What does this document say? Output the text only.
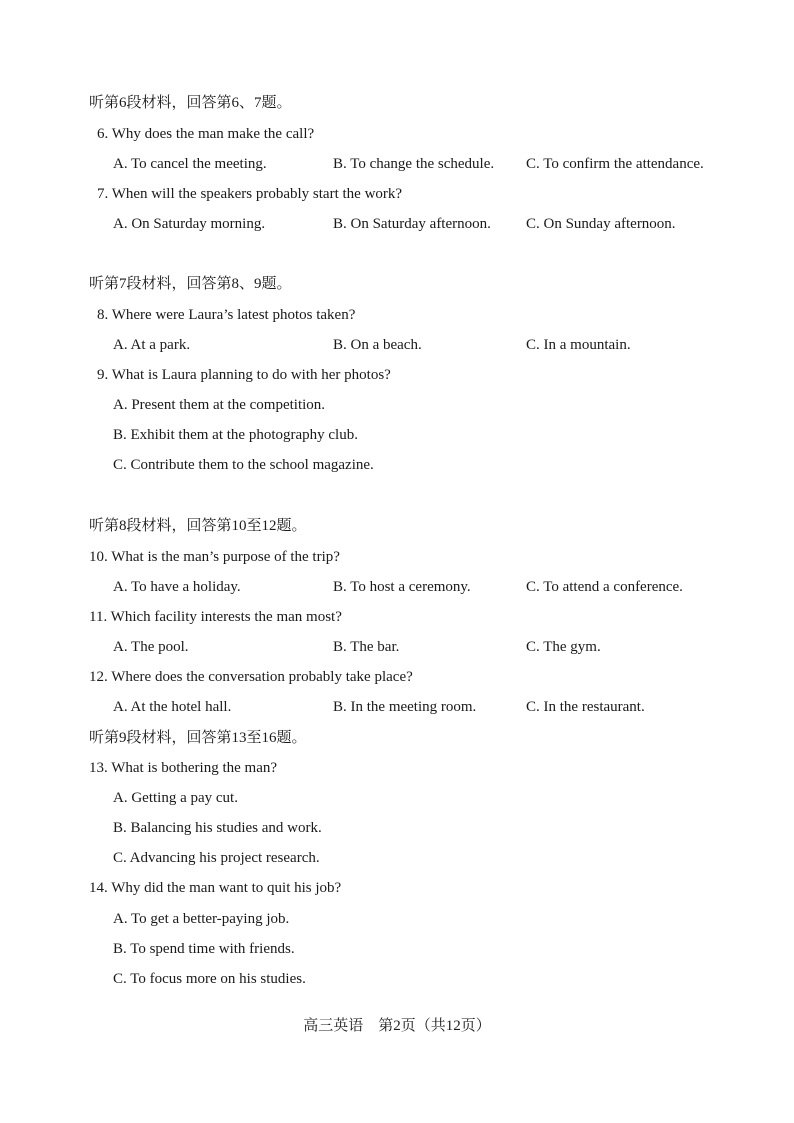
听第6段材料，回答第6、7题。
6. Why does the man make the call?
A. To cancel the meeting.	B. To change the schedule. C. To confirm the attendance.
7. When will the speakers probably start the work?
A. On Saturday morning.	B. On Saturday afternoon. C. On Sunday afternoon.
听第7段材料，回答第8、9题。
8. Where were Laura’s latest photos taken?
A. At a park.	B. On a beach.	C. In a mountain.
9. What is Laura planning to do with her photos?
A. Present them at the competition.
B. Exhibit them at the photography club.
C. Contribute them to the school magazine.
听第8段材料，回答第10至12题。
10. What is the man’s purpose of the trip?
A. To have a holiday.	B. To host a ceremony.	C. To attend a conference.
11. Which facility interests the man most?
A. The pool.	B. The bar.	C. The gym.
12. Where does the conversation probably take place?
A. At the hotel hall.	B. In the meeting room.	C. In the restaurant.
听第9段材料，回答第13至16题。
13. What is bothering the man?
A. Getting a pay cut.
B. Balancing his studies and work.
C. Advancing his project research.
14. Why did the man want to quit his job?
A. To get a better-paying job.
B. To spend time with friends.
C. To focus more on his studies.
高三英语　第2页（共12页）
